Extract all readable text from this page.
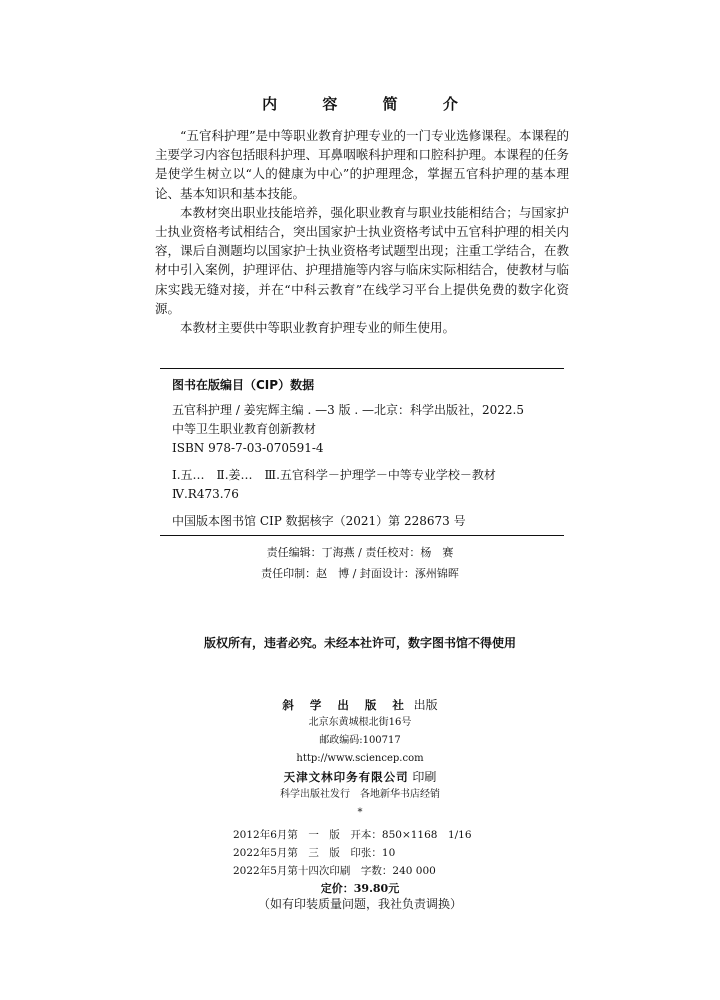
内 容 简 介

“五官科护理”是中等职业教育护理专业的一门专业选修课程。本课程的主要学习内容包括眼科护理、耳鼻咽喉科护理和口腔科护理。本课程的任务是使学生树立以“人的健康为中心”的护理理念，掌握五官科护理的基本理论、基本知识和基本技能。

本教材突出职业技能培养，强化职业教育与职业技能相结合；与国家护士执业资格考试相结合，突出国家护士执业资格考试中五官科护理的相关内容，课后自测题均以国家护士执业资格考试题型出现；注重工学结合，在教材中引入案例，护理评估、护理措施等内容与临床实际相结合，使教材与临床实践无缝对接，并在“中科云教育”在线学习平台上提供免费的数字化资源。

本教材主要供中等职业教育护理专业的师生使用。

图书在版编目（CIP）数据
五官科护理 / 姜宪辉主编 . —3 版 . —北京：科学出版社，2022.5
中等卫生职业教育创新教材
ISBN 978-7-03-070591-4
Ⅰ.五…　Ⅱ.姜…　Ⅲ.五官科学－护理学－中等专业学校－教材
Ⅳ.R473.76
中国版本图书馆 CIP 数据核字（2021）第 228673 号
责任编辑：丁海燕 / 责任校对：杨　赛
责任印制：赵　博 / 封面设计：涿州锦晖
版权所有，违者必究。未经本社许可，数字图书馆不得使用
斜 学 出 版 社 出版
北京东黄城根北街16号
邮政编码:100717
http://www.sciencep.com
天津文林印务有限公司 印刷
科学出版社发行　各地新华书店经销
*
2012年6月第　一　版　开本：850×1168　1/16
2022年5月第　三　版　印张：10
2022年5月第十四次印刷　字数：240 000
定价：39.80元
（如有印装质量问题，我社负责调换）
